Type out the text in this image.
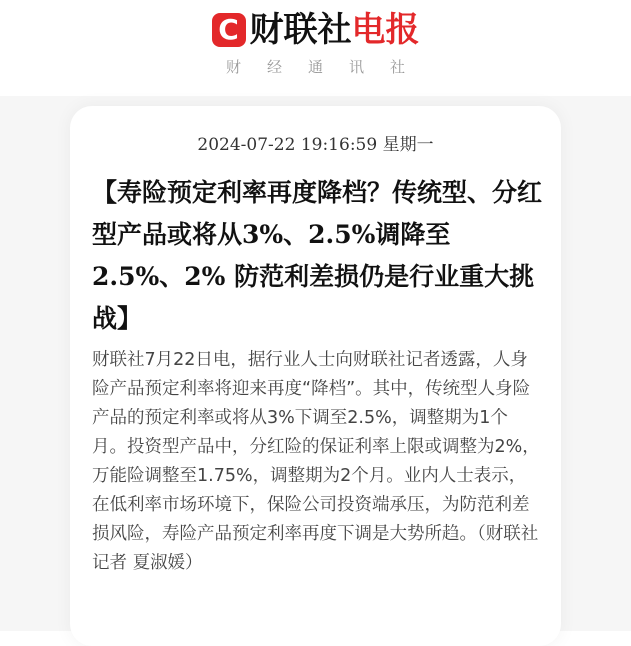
C 财联社 电报
财经通讯社
2024-07-22 19:16:59 星期一
【寿险预定利率再度降档？传统型、分红型产品或将从3%、2.5%调降至2.5%、2% 防范利差损仍是行业重大挑战】

财联社7月22日电，据行业人士向财联社记者透露，人身险产品预定利率将迎来再度“降档”。其中，传统型人身险产品的预定利率或将从3%下调至2.5%，调整期为1个月。投资型产品中，分红险的保证利率上限或调整为2%，万能险调整至1.75%，调整期为2个月。业内人士表示，在低利率市场环境下，保险公司投资端承压，为防范利差损风险，寿险产品预定利率再度下调是大势所趋。（财联社记者 夏淑媛）
